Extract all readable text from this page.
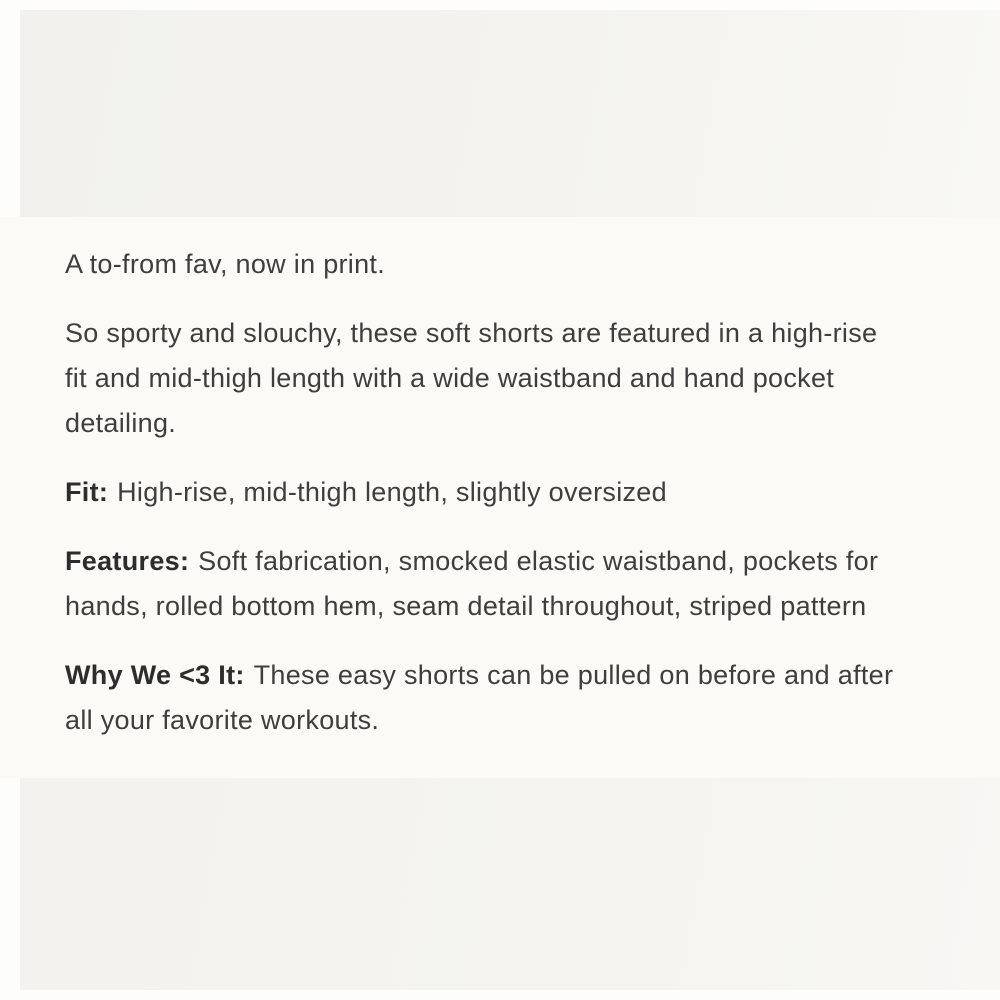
A to-from fav, now in print.

So sporty and slouchy, these soft shorts are featured in a high-rise
fit and mid-thigh length with a wide waistband and hand pocket
detailing.

Fit: High-rise, mid-thigh length, slightly oversized

Features: Soft fabrication, smocked elastic waistband, pockets for
hands, rolled bottom hem, seam detail throughout, striped pattern

Why We <3 It: These easy shorts can be pulled on before and after
all your favorite workouts.
